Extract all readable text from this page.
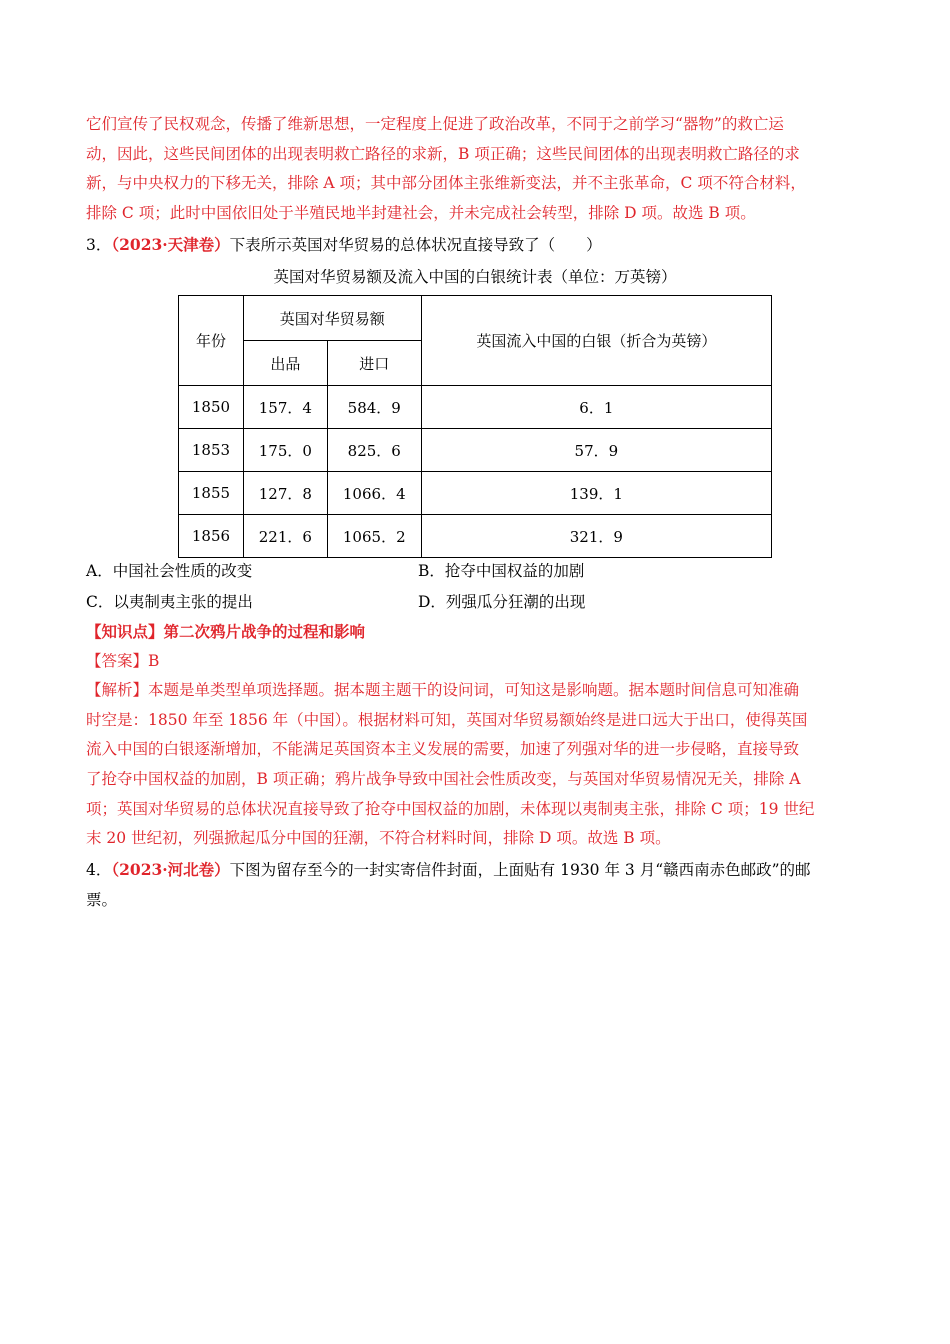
它们宣传了民权观念，传播了维新思想，一定程度上促进了政治改革，不同于之前学习“器物”的救亡运
动，因此，这些民间团体的出现表明救亡路径的求新，B 项正确；这些民间团体的出现表明救亡路径的求
新，与中央权力的下移无关，排除 A 项；其中部分团体主张维新变法，并不主张革命，C 项不符合材料，
排除 C 项；此时中国依旧处于半殖民地半封建社会，并未完成社会转型，排除 D 项。故选 B 项。
3．（2023·天津卷）下表所示英国对华贸易的总体状况直接导致了（　　）
英国对华贸易额及流入中国的白银统计表（单位：万英镑）
年份	英国对华贸易额		英国流入中国的白银（折合为英镑）
	出品	进口	
1850	157．4	584．9	6．1
1853	175．0	825．6	57．9
1855	127．8	1066．4	139．1
1856	221．6	1065．2	321．9
A．中国社会性质的改变	B．抢夺中国权益的加剧
C．以夷制夷主张的提出	D．列强瓜分狂潮的出现
【知识点】第二次鸦片战争的过程和影响
【答案】B
【解析】本题是单类型单项选择题。据本题主题干的设问词，可知这是影响题。据本题时间信息可知准确
时空是：1850 年至 1856 年（中国）。根据材料可知，英国对华贸易额始终是进口远大于出口，使得英国
流入中国的白银逐渐增加，不能满足英国资本主义发展的需要，加速了列强对华的进一步侵略，直接导致
了抢夺中国权益的加剧，B 项正确；鸦片战争导致中国社会性质改变，与英国对华贸易情况无关，排除 A
项；英国对华贸易的总体状况直接导致了抢夺中国权益的加剧，未体现以夷制夷主张，排除 C 项；19 世纪
末 20 世纪初，列强掀起瓜分中国的狂潮，不符合材料时间，排除 D 项。故选 B 项。
4．（2023·河北卷）下图为留存至今的一封实寄信件封面，上面贴有 1930 年 3 月“赣西南赤色邮政”的邮
票。
